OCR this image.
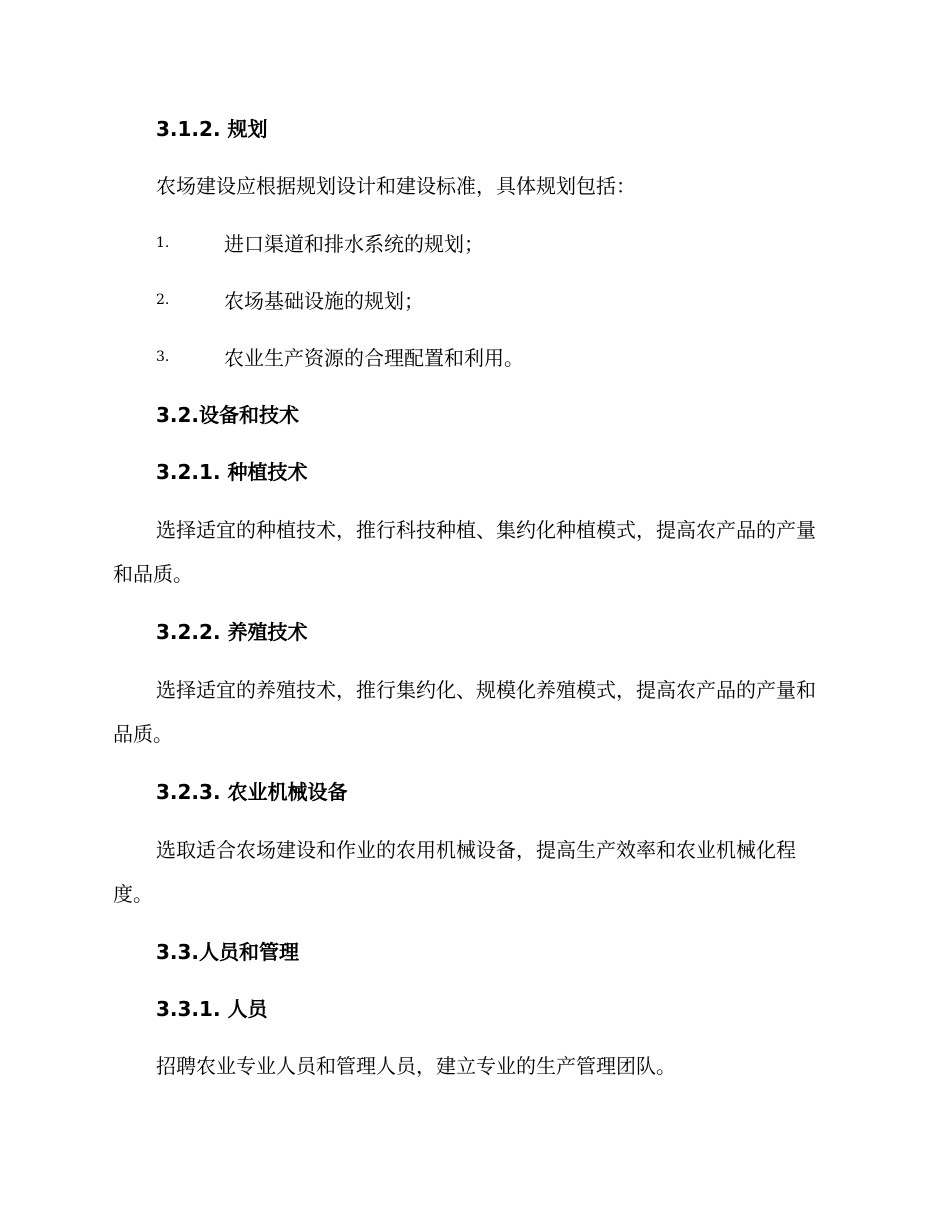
3.1.2. 规划

农场建设应根据规划设计和建设标准，具体规划包括：

1.	进口渠道和排水系统的规划；
2.	农场基础设施的规划；
3.	农业生产资源的合理配置和利用。
3.2.设备和技术
3.2.1. 种植技术

选择适宜的种植技术，推行科技种植、集约化种植模式，提高农产品的产量和品质。

3.2.2. 养殖技术

选择适宜的养殖技术，推行集约化、规模化养殖模式，提高农产品的产量和品质。

3.2.3. 农业机械设备

选取适合农场建设和作业的农用机械设备，提高生产效率和农业机械化程度。

3.3.人员和管理
3.3.1. 人员

招聘农业专业人员和管理人员，建立专业的生产管理团队。
